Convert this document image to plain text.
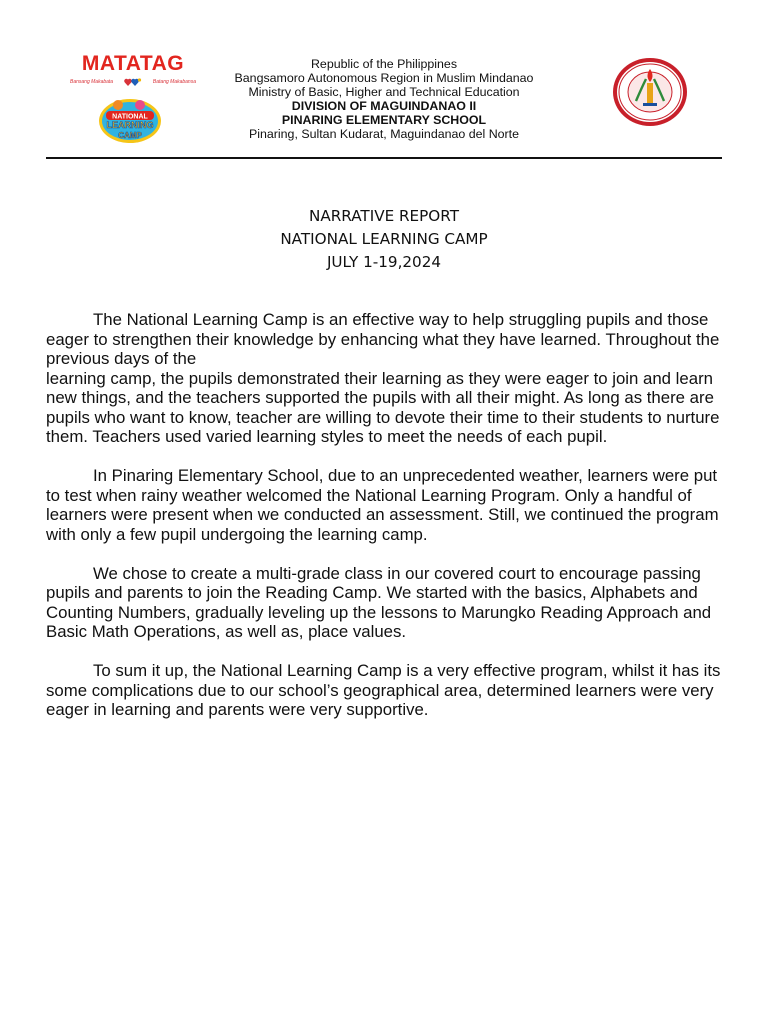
MATATAG
Bansang Makabata	Batang Makabansa
NATIONAL
LEARNING
CAMP
Republic of the Philippines
Bangsamoro Autonomous Region in Muslim Mindanao
Ministry of Basic, Higher and Technical Education
DIVISION OF MAGUINDANAO II
PINARING ELEMENTARY SCHOOL
Pinaring, Sultan Kudarat, Maguindanao del Norte
NARRATIVE REPORT
NATIONAL LEARNING CAMP
JULY 1-19,2024

The National Learning Camp is an effective way to help struggling pupils and those eager to strengthen their knowledge by enhancing what they have learned. Throughout the previous days of the
learning camp, the pupils demonstrated their learning as they were eager to join and learn new things, and the teachers supported the pupils with all their might. As long as there are pupils who want to know, teacher are willing to devote their time to their students to nurture them. Teachers used varied learning styles to meet the needs of each pupil.

In Pinaring Elementary School, due to an unprecedented weather, learners were put to test when rainy weather welcomed the National Learning Program. Only a handful of learners were present when we conducted an assessment. Still, we continued the program with only a few pupil undergoing the learning camp.

We chose to create a multi-grade class in our covered court to encourage passing pupils and parents to join the Reading Camp. We started with the basics, Alphabets and Counting Numbers, gradually leveling up the lessons to Marungko Reading Approach and Basic Math Operations, as well as, place values.

To sum it up, the National Learning Camp is a very effective program, whilst it has its some complications due to our school’s geographical area, determined learners were very eager in learning and parents were very supportive.
